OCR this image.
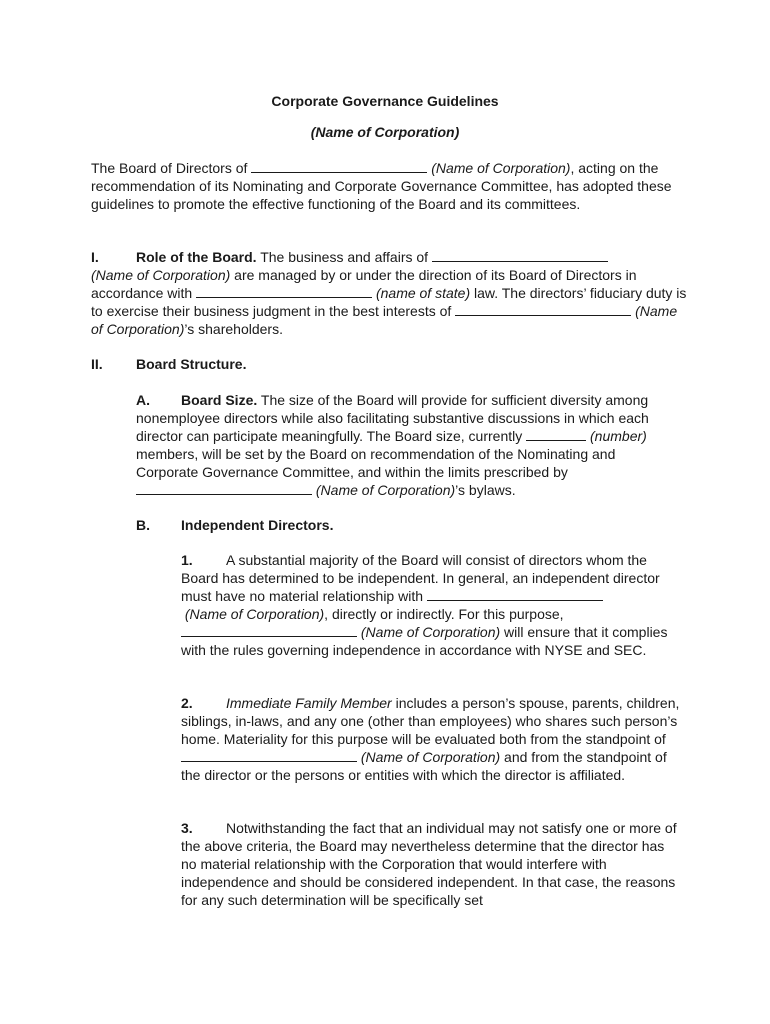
Corporate Governance Guidelines
(Name of Corporation)

The Board of Directors of	(Name of Corporation), acting on the recommendation of its Nominating and Corporate Governance Committee, has adopted these guidelines to promote the effective functioning of the Board and its committees.

I.	Role of the Board. The business and affairs of
(Name of Corporation) are managed by or under the direction of its Board of Directors in accordance with	(name of state) law. The directors’ fiduciary duty is to exercise their business judgment in the best interests of	(Name of Corporation)’s shareholders.

II. Board Structure.

A. Board Size. The size of the Board will provide for sufficient diversity among nonemployee directors while also facilitating substantive discussions in which each director can participate meaningfully. The Board size, currently	(number) members, will be set by the Board on recommendation of the Nominating and Corporate Governance Committee, and within the limits prescribed by  (Name of Corporation)’s bylaws.

B. Independent Directors.

1. A substantial majority of the Board will consist of directors whom the Board has determined to be independent. In general, an independent director must have no material relationship with
(Name of Corporation), directly or indirectly. For this purpose,  (Name of Corporation) will ensure that it complies with the rules governing independence in accordance with NYSE and SEC.

2. Immediate Family Member includes a person’s spouse, parents, children, siblings, in-laws, and any one (other than employees) who shares such person’s home. Materiality for this purpose will be evaluated both from the standpoint of  (Name of Corporation) and from the standpoint of the director or the persons or entities with which the director is affiliated.

3. Notwithstanding the fact that an individual may not satisfy one or more of the above criteria, the Board may nevertheless determine that the director has no material relationship with the Corporation that would interfere with independence and should be considered independent. In that case, the reasons for any such determination will be specifically set
